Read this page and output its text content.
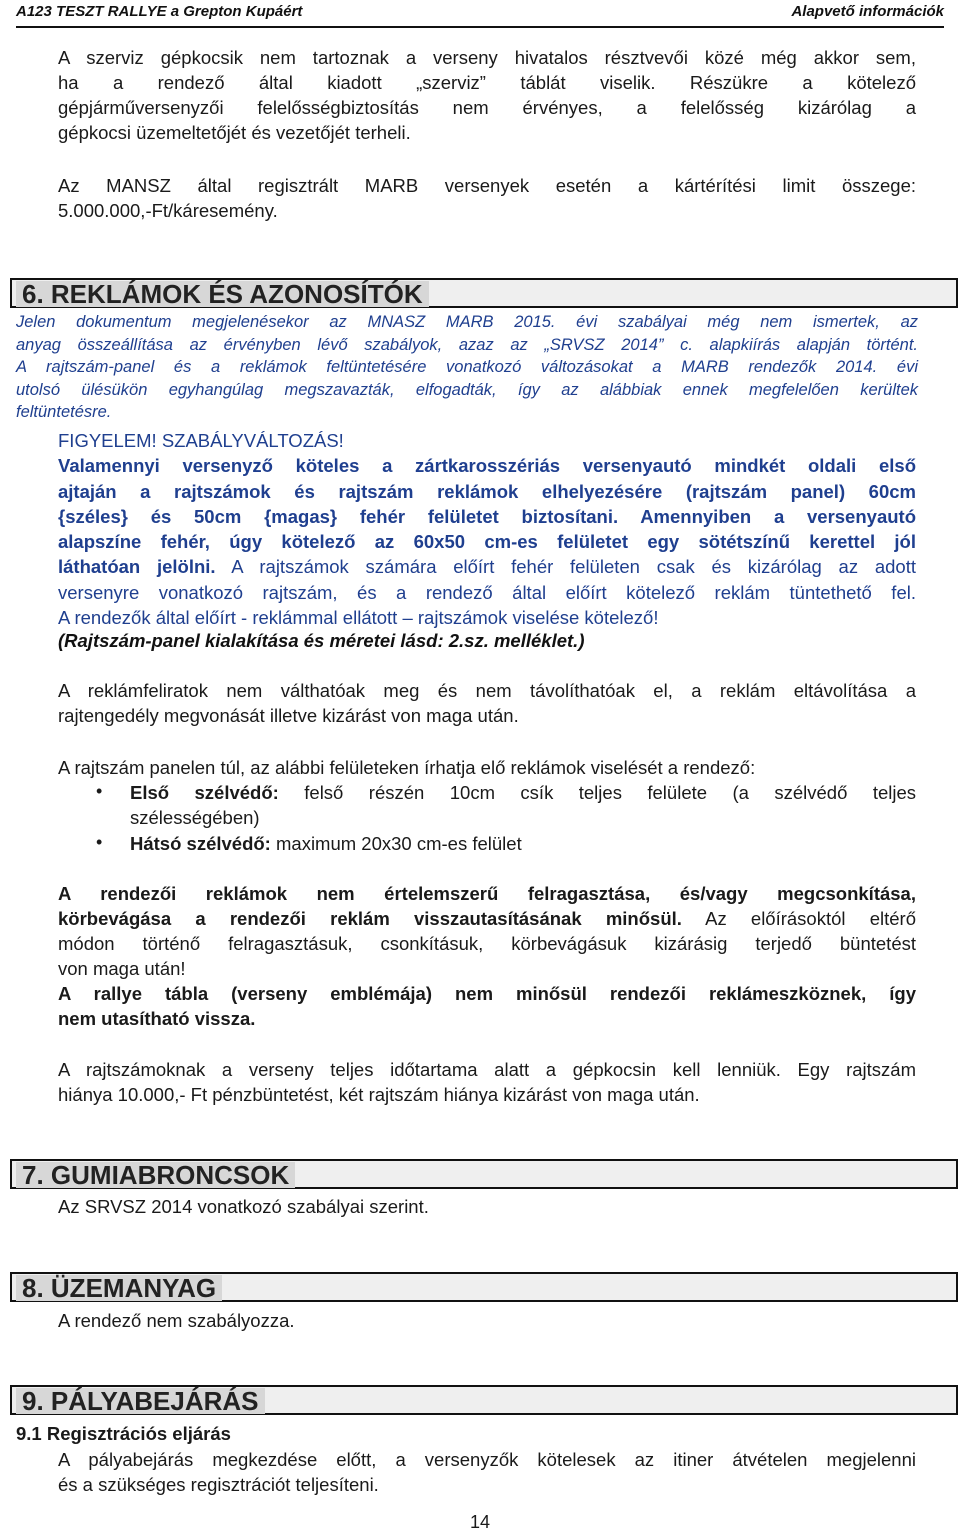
A123 TESZT RALLYE a Grepton Kupáért	Alapvető információk
A szerviz gépkocsik nem tartoznak a verseny hivatalos résztvevői közé még akkor sem,
ha a rendező által kiadott „szerviz” táblát viselik. Részükre a kötelező
gépjárműversenyzői felelősségbiztosítás nem érvényes, a felelősség kizárólag a
gépkocsi üzemeltetőjét és vezetőjét terheli.
Az MANSZ által regisztrált MARB versenyek esetén a kártérítési limit összege:
5.000.000,-Ft/káresemény.
6. REKLÁMOK ÉS AZONOSÍTÓK
Jelen dokumentum megjelenésekor az MNASZ MARB 2015. évi szabályai még nem ismertek, az
anyag összeállítása az érvényben lévő szabályok, azaz az „SRVSZ 2014” c. alapkiírás alapján történt.
A rajtszám-panel és a reklámok feltüntetésére vonatkozó változásokat a MARB rendezők 2014. évi
utolsó ülésükön egyhangúlag megszavazták, elfogadták, így az alábbiak ennek megfelelően kerültek
feltüntetésre.
FIGYELEM! SZABÁLYVÁLTOZÁS!
Valamennyi versenyző köteles a zártkarosszériás versenyautó mindkét oldali első
ajtaján a rajtszámok és rajtszám reklámok elhelyezésére (rajtszám panel) 60cm
{széles} és 50cm {magas} fehér felületet biztosítani. Amennyiben a versenyautó
alapszíne fehér, úgy kötelező az 60x50 cm-es felületet egy sötétszínű kerettel jól
láthatóan jelölni. A rajtszámok számára előírt fehér felületen csak és kizárólag az adott
versenyre vonatkozó rajtszám, és a rendező által előírt kötelező reklám tüntethető fel.
A rendezők által előírt - reklámmal ellátott – rajtszámok viselése kötelező!
(Rajtszám-panel kialakítása és méretei lásd: 2.sz. melléklet.)
A reklámfeliratok nem válthatóak meg és nem távolíthatóak el, a reklám eltávolítása a
rajtengedély megvonását illetve kizárást von maga után.
A rajtszám panelen túl, az alábbi felületeken írhatja elő reklámok viselését a rendező:
• Első szélvédő: felső részén 10cm csík teljes felülete (a szélvédő teljes
szélességében)
• Hátsó szélvédő: maximum 20x30 cm-es felület
A rendezői reklámok nem értelemszerű felragasztása, és/vagy megcsonkítása,
körbevágása a rendezői reklám visszautasításának minősül. Az előírásoktól eltérő
módon történő felragasztásuk, csonkításuk, körbevágásuk kizárásig terjedő büntetést
von maga után!
A rallye tábla (verseny emblémája) nem minősül rendezői reklámeszköznek, így
nem utasítható vissza.
A rajtszámoknak a verseny teljes időtartama alatt a gépkocsin kell lenniük. Egy rajtszám
hiánya 10.000,- Ft pénzbüntetést, két rajtszám hiánya kizárást von maga után.
7. GUMIABRONCSOK
Az SRVSZ 2014 vonatkozó szabályai szerint.
8. ÜZEMANYAG
A rendező nem szabályozza.
9. PÁLYABEJÁRÁS
9.1 Regisztrációs eljárás
A pályabejárás megkezdése előtt, a versenyzők kötelesek az itiner átvételen megjelenni
és a szükséges regisztrációt teljesíteni.
14
